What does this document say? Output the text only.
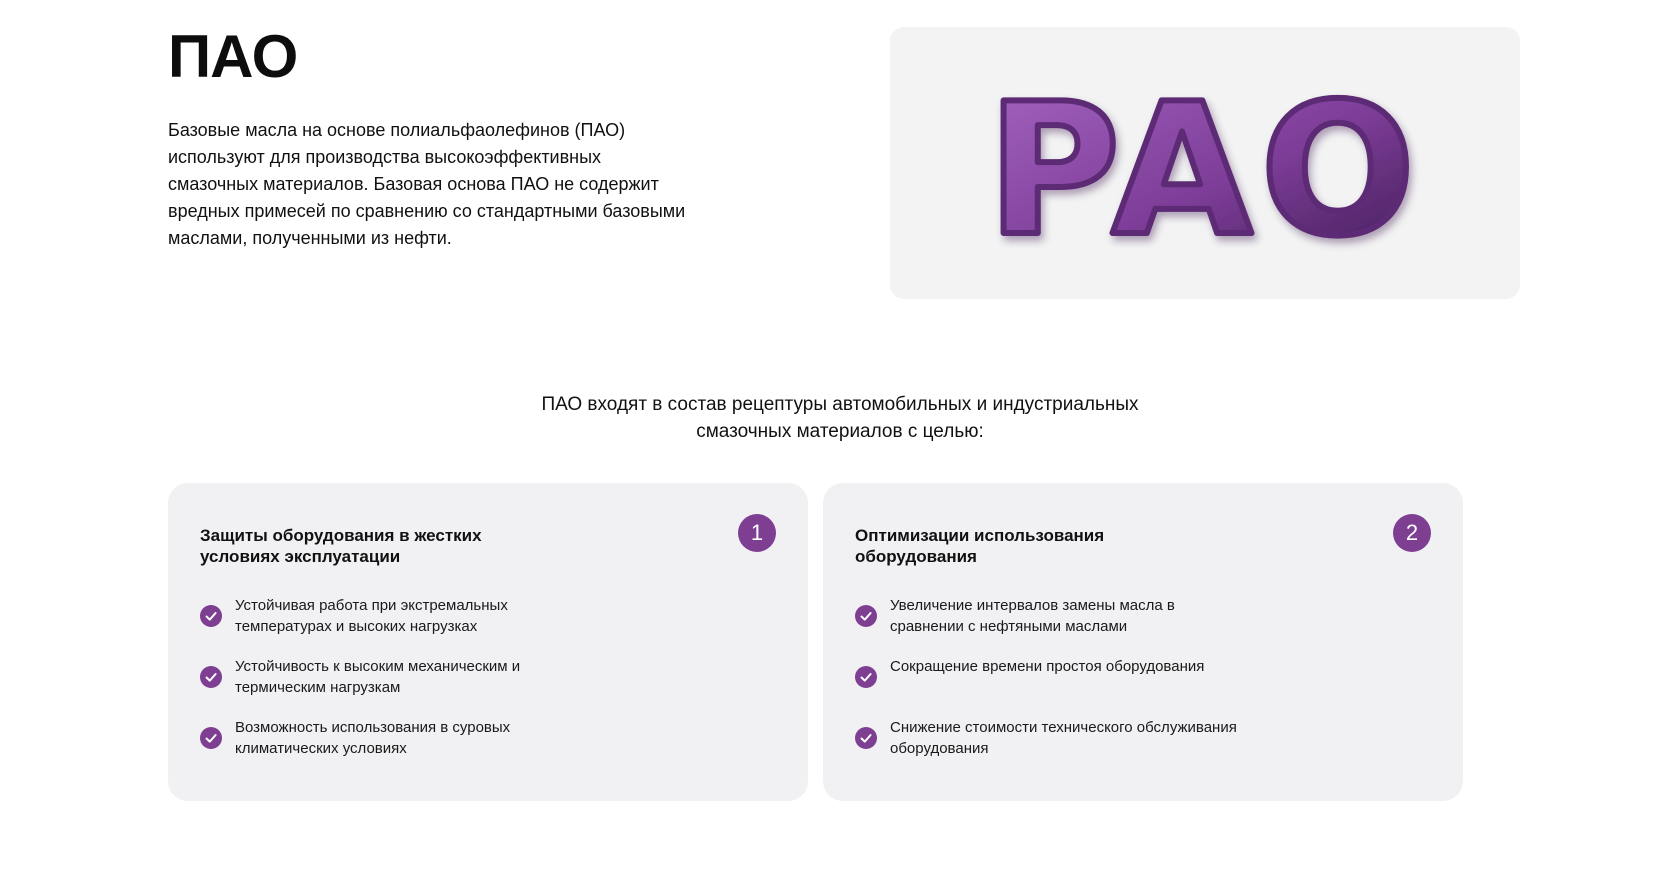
ПАО

Базовые масла на основе полиальфаолефинов (ПАО) используют для производства высокоэффективных смазочных материалов. Базовая основа ПАО не содержит вредных примесей по сравнению со стандартными базовыми маслами, полученными из нефти.	PAO
ПАО входят в состав рецептуры автомобильных и индустриальных
смазочных материалов с целью:
Защиты оборудования в жестких условиях эксплуатации
1
Устойчивая работа при экстремальных температурах и высоких нагрузках
Устойчивость к высоким механическим и термическим нагрузкам
Возможность использования в суровых климатических условиях
Оптимизации использования оборудования
2
Увеличение интервалов замены масла в сравнении с нефтяными маслами
Сокращение времени простоя оборудования
Снижение стоимости технического обслуживания оборудования
